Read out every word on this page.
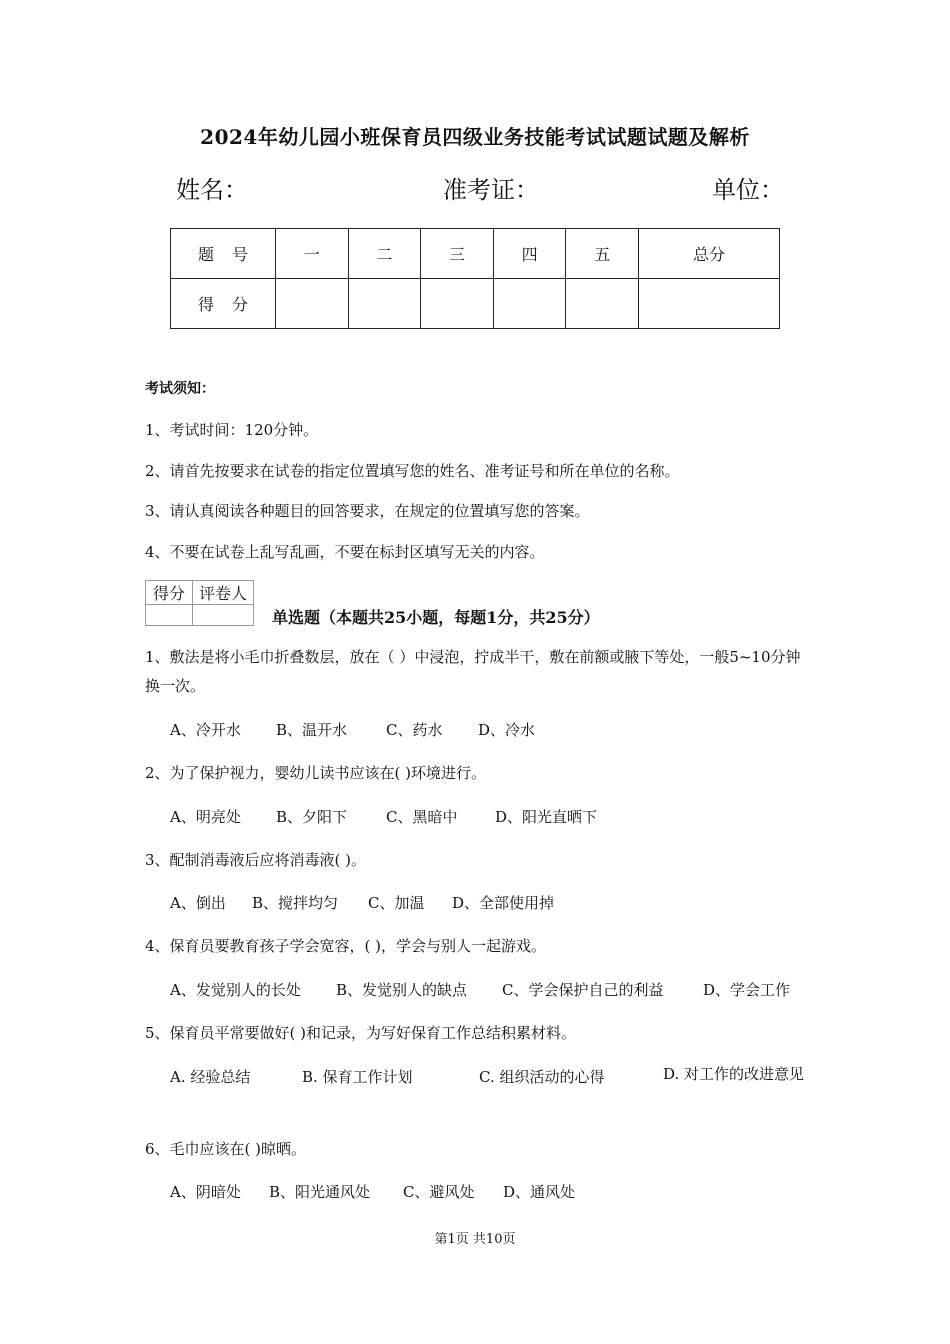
2024年幼儿园小班保育员四级业务技能考试试题试题及解析
姓名：	准考证：	单位：
题号	一	二	三	四	五	总分
得分						
考试须知：
1、考试时间：120分钟。
2、请首先按要求在试卷的指定位置填写您的姓名、准考证号和所在单位的名称。
3、请认真阅读各种题目的回答要求，在规定的位置填写您的答案。
4、不要在试卷上乱写乱画，不要在标封区填写无关的内容。
得分	评卷人

单选题（本题共25小题，每题1分，共25分）
1、敷法是将小毛巾折叠数层，放在（ ）中浸泡，拧成半干，敷在前额或腋下等处，一般5~10分钟换一次。
A、冷开水 B、温开水	C、药水 D、冷水
2、为了保护视力，婴幼儿读书应该在( )环境进行。
A、明亮处 B、夕阳下	C、黑暗中	D、阳光直晒下
3、配制消毒液后应将消毒液( )。
A、倒出 B、搅拌均匀 C、加温 D、全部使用掉
4、保育员要教育孩子学会宽容，( )，学会与别人一起游戏。
A、发觉别人的长处 B、发觉别人的缺点 C、学会保护自己的利益	D、学会工作
5、保育员平常要做好( )和记录，为写好保育工作总结积累材料。
A. 经验总结	B. 保育工作计划	C. 组织活动的心得	D. 对工作的改进意见
6、毛巾应该在( )晾晒。
A、阴暗处 B、阳光通风处 C、避风处 D、通风处
第1页 共10页
